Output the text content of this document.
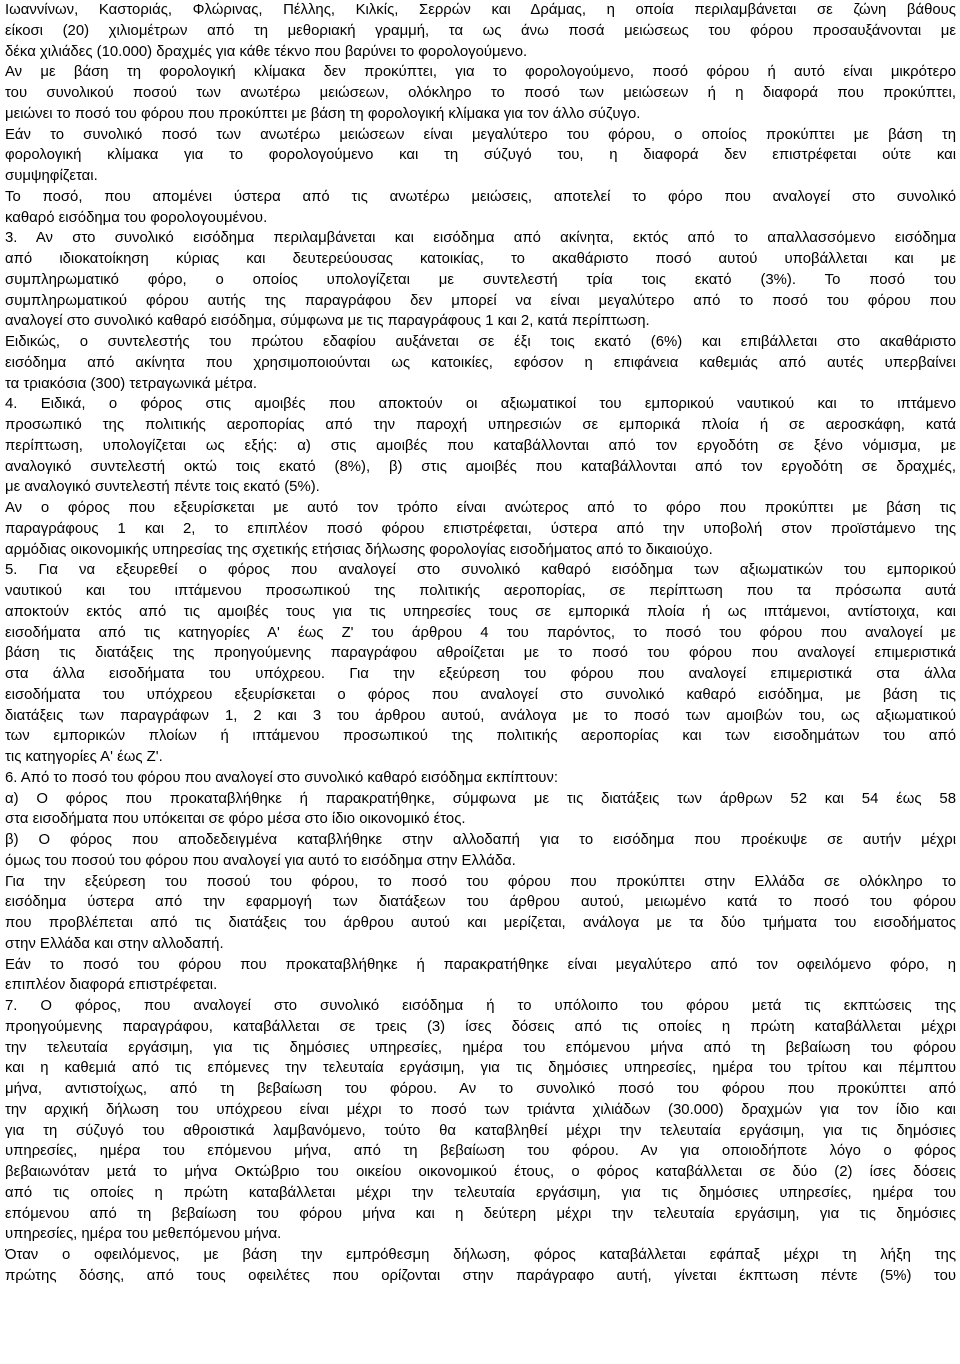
Ιωαννίνων, Καστοριάς, Φλώρινας, Πέλλης, Κιλκίς, Σερρών και Δράμας, η οποία περιλαμβάνεται σε ζώνη βάθους
είκοσι (20) χιλιομέτρων από τη μεθοριακή γραμμή, τα ως άνω ποσά μειώσεως του φόρου προσαυξάνονται με
δέκα χιλιάδες (10.000) δραχμές για κάθε τέκνο που βαρύνει το φορολογούμενο.
Αν με βάση τη φορολογική κλίμακα δεν προκύπτει, για το φορολογούμενο, ποσό φόρου ή αυτό είναι μικρότερο
του συνολικού ποσού των ανωτέρω μειώσεων, ολόκληρο το ποσό των μειώσεων ή η διαφορά που προκύπτει,
μειώνει το ποσό του φόρου που προκύπτει με βάση τη φορολογική κλίμακα για τον άλλο σύζυγο.
Εάν το συνολικό ποσό των ανωτέρω μειώσεων είναι μεγαλύτερο του φόρου, ο οποίος προκύπτει με βάση τη
φορολογική κλίμακα για το φορολογούμενο και τη σύζυγό του, η διαφορά δεν επιστρέφεται ούτε και
συμψηφίζεται.
Το ποσό, που απομένει ύστερα από τις ανωτέρω μειώσεις, αποτελεί το φόρο που αναλογεί στο συνολικό
καθαρό εισόδημα του φορολογουμένου.
3. Αν στο συνολικό εισόδημα περιλαμβάνεται και εισόδημα από ακίνητα, εκτός από το απαλλασσόμενο εισόδημα
από ιδιοκατοίκηση κύριας και δευτερεύουσας κατοικίας, το ακαθάριστο ποσό αυτού υποβάλλεται και με
συμπληρωματικό φόρο, ο οποίος υπολογίζεται με συντελεστή τρία τοις εκατό (3%). Το ποσό του
συμπληρωματικού φόρου αυτής της παραγράφου δεν μπορεί να είναι μεγαλύτερο από το ποσό του φόρου που
αναλογεί στο συνολικό καθαρό εισόδημα, σύμφωνα με τις παραγράφους 1 και 2, κατά περίπτωση.
Ειδικώς, ο συντελεστής του πρώτου εδαφίου αυξάνεται σε έξι τοις εκατό (6%) και επιβάλλεται στο ακαθάριστο
εισόδημα από ακίνητα που χρησιμοποιούνται ως κατοικίες, εφόσον η επιφάνεια καθεμιάς από αυτές υπερβαίνει
τα τριακόσια (300) τετραγωνικά μέτρα.
4. Ειδικά, ο φόρος στις αμοιβές που αποκτούν οι αξιωματικοί του εμπορικού ναυτικού και το ιπτάμενο
προσωπικό της πολιτικής αεροπορίας από την παροχή υπηρεσιών σε εμπορικά πλοία ή σε αεροσκάφη, κατά
περίπτωση, υπολογίζεται ως εξής: α) στις αμοιβές που καταβάλλονται από τον εργοδότη σε ξένο νόμισμα, με
αναλογικό συντελεστή οκτώ τοις εκατό (8%), β) στις αμοιβές που καταβάλλονται από τον εργοδότη σε δραχμές,
με αναλογικό συντελεστή πέντε τοις εκατό (5%).
Αν ο φόρος που εξευρίσκεται με αυτό τον τρόπο είναι ανώτερος από το φόρο που προκύπτει με βάση τις
παραγράφους 1 και 2, το επιπλέον ποσό φόρου επιστρέφεται, ύστερα από την υποβολή στον προϊστάμενο της
αρμόδιας οικονομικής υπηρεσίας της σχετικής ετήσιας δήλωσης φορολογίας εισοδήματος από το δικαιούχο.
5. Για να εξευρεθεί ο φόρος που αναλογεί στο συνολικό καθαρό εισόδημα των αξιωματικών του εμπορικού
ναυτικού και του ιπτάμενου προσωπικού της πολιτικής αεροπορίας, σε περίπτωση που τα πρόσωπα αυτά
αποκτούν εκτός από τις αμοιβές τους για τις υπηρεσίες τους σε εμπορικά πλοία ή ως ιπτάμενοι, αντίστοιχα, και
εισοδήματα από τις κατηγορίες Α' έως Ζ' του άρθρου 4 του παρόντος, το ποσό του φόρου που αναλογεί με
βάση τις διατάξεις της προηγούμενης παραγράφου αθροίζεται με το ποσό του φόρου που αναλογεί επιμεριστικά
στα άλλα εισοδήματα του υπόχρεου. Για την εξεύρεση του φόρου που αναλογεί επιμεριστικά στα άλλα
εισοδήματα του υπόχρεου εξευρίσκεται ο φόρος που αναλογεί στο συνολικό καθαρό εισόδημα, με βάση τις
διατάξεις των παραγράφων 1, 2 και 3 του άρθρου αυτού, ανάλογα με το ποσό των αμοιβών του, ως αξιωματικού
των εμπορικών πλοίων ή ιπτάμενου προσωπικού της πολιτικής αεροπορίας και των εισοδημάτων του από
τις κατηγορίες Α' έως Ζ'.
6. Από το ποσό του φόρου που αναλογεί στο συνολικό καθαρό εισόδημα εκπίπτουν:
α) Ο φόρος που προκαταβλήθηκε ή παρακρατήθηκε, σύμφωνα με τις διατάξεις των άρθρων 52 και 54 έως 58
στα εισοδήματα που υπόκειται σε φόρο μέσα στο ίδιο οικονομικό έτος.
β) Ο φόρος που αποδεδειγμένα καταβλήθηκε στην αλλοδαπή για το εισόδημα που προέκυψε σε αυτήν μέχρι
όμως του ποσού του φόρου που αναλογεί για αυτό το εισόδημα στην Ελλάδα.
Για την εξεύρεση του ποσού του φόρου, το ποσό του φόρου που προκύπτει στην Ελλάδα σε ολόκληρο το
εισόδημα ύστερα από την εφαρμογή των διατάξεων του άρθρου αυτού, μειωμένο κατά το ποσό του φόρου
που προβλέπεται από τις διατάξεις του άρθρου αυτού και μερίζεται, ανάλογα με τα δύο τμήματα του εισοδήματος
στην Ελλάδα και στην αλλοδαπή.
Εάν το ποσό του φόρου που προκαταβλήθηκε ή παρακρατήθηκε είναι μεγαλύτερο από τον οφειλόμενο φόρο, η
επιπλέον διαφορά επιστρέφεται.
7. Ο φόρος, που αναλογεί στο συνολικό εισόδημα ή το υπόλοιπο του φόρου μετά τις εκπτώσεις της
προηγούμενης παραγράφου, καταβάλλεται σε τρεις (3) ίσες δόσεις από τις οποίες η πρώτη καταβάλλεται μέχρι
την τελευταία εργάσιμη, για τις δημόσιες υπηρεσίες, ημέρα του επόμενου μήνα από τη βεβαίωση του φόρου
και η καθεμιά από τις επόμενες την τελευταία εργάσιμη, για τις δημόσιες υπηρεσίες, ημέρα του τρίτου και πέμπτου
μήνα, αντιστοίχως, από τη βεβαίωση του φόρου. Αν το συνολικό ποσό του φόρου που προκύπτει από
την αρχική δήλωση του υπόχρεου είναι μέχρι το ποσό των τριάντα χιλιάδων (30.000) δραχμών για τον ίδιο και
για τη σύζυγό του αθροιστικά λαμβανόμενο, τούτο θα καταβληθεί μέχρι την τελευταία εργάσιμη, για τις δημόσιες
υπηρεσίες, ημέρα του επόμενου μήνα, από τη βεβαίωση του φόρου. Αν για οποιοδήποτε λόγο ο φόρος
βεβαιωνόταν μετά το μήνα Οκτώβριο του οικείου οικονομικού έτους, ο φόρος καταβάλλεται σε δύο (2) ίσες δόσεις
από τις οποίες η πρώτη καταβάλλεται μέχρι την τελευταία εργάσιμη, για τις δημόσιες υπηρεσίες, ημέρα του
επόμενου από τη βεβαίωση του φόρου μήνα και η δεύτερη μέχρι την τελευταία εργάσιμη, για τις δημόσιες
υπηρεσίες, ημέρα του μεθεπόμενου μήνα.
Όταν ο οφειλόμενος, με βάση την εμπρόθεσμη δήλωση, φόρος καταβάλλεται εφάπαξ μέχρι τη λήξη της
πρώτης δόσης, από τους οφειλέτες που ορίζονται στην παράγραφο αυτή, γίνεται έκπτωση πέντε (5%) του
